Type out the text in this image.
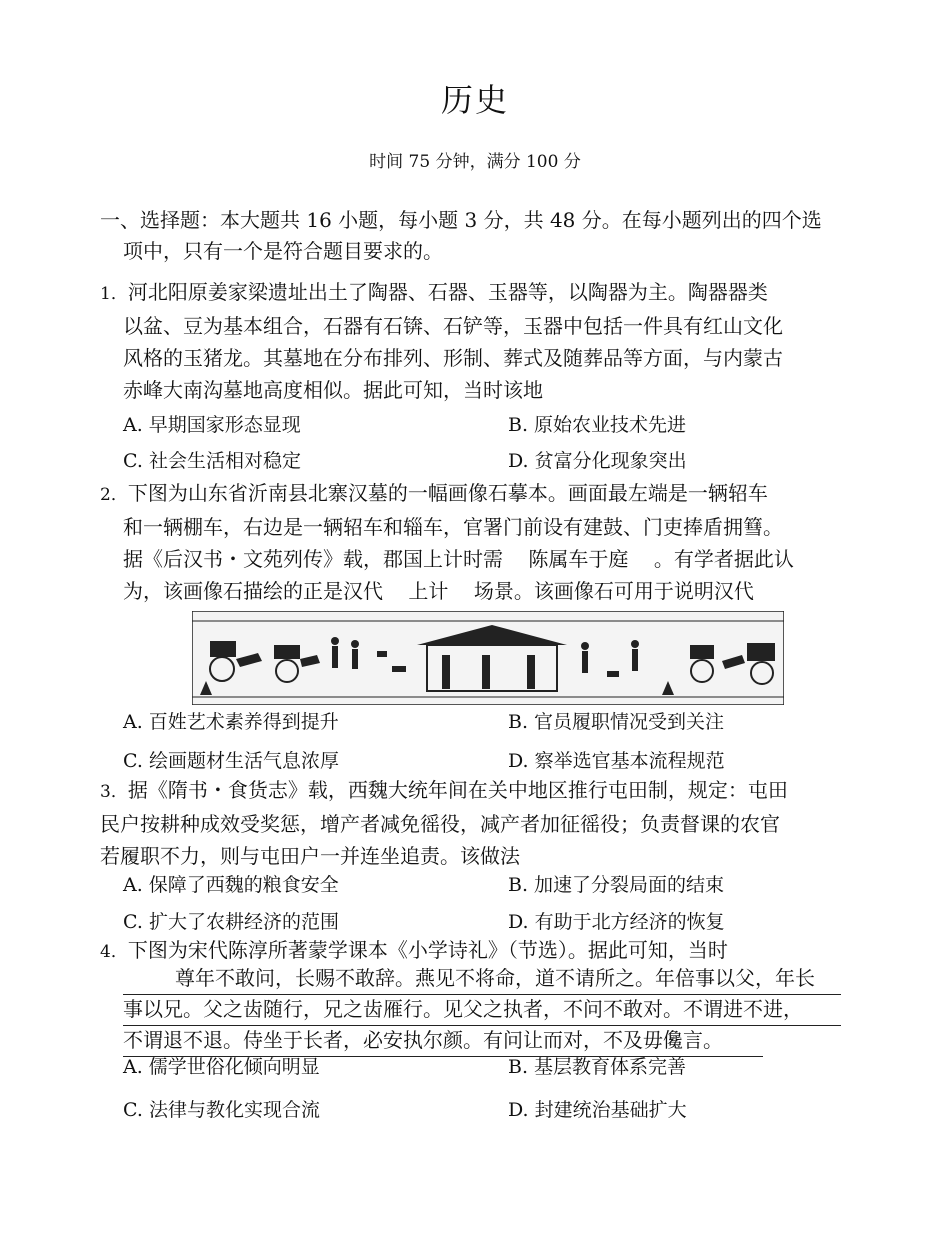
历史
时间 75 分钟，满分 100 分
一、选择题：本大题共 16 小题，每小题 3 分，共 48 分。在每小题列出的四个选
项中，只有一个是符合题目要求的。
1．河北阳原姜家梁遗址出土了陶器、石器、玉器等，以陶器为主。陶器器类
以盆、豆为基本组合，石器有石锛、石铲等，玉器中包括一件具有红山文化
风格的玉猪龙。其墓地在分布排列、形制、葬式及随葬品等方面，与内蒙古
赤峰大南沟墓地高度相似。据此可知，当时该地
A. 早期国家形态显现	B. 原始农业技术先进
C. 社会生活相对稳定	D. 贫富分化现象突出
2．下图为山东省沂南县北寨汉墓的一幅画像石摹本。画面最左端是一辆轺车
和一辆棚车，右边是一辆轺车和辎车，官署门前设有建鼓、门吏捧盾拥篲。
据《后汉书・文苑列传》载，郡国上计时需    陈属车于庭    。有学者据此认
为，该画像石描绘的正是汉代    上计    场景。该画像石可用于说明汉代
A. 百姓艺术素养得到提升	B. 官员履职情况受到关注
C. 绘画题材生活气息浓厚	D. 察举选官基本流程规范
3．据《隋书・食货志》载，西魏大统年间在关中地区推行屯田制，规定：屯田
民户按耕种成效受奖惩，增产者减免徭役，减产者加征徭役；负责督课的农官
若履职不力，则与屯田户一并连坐追责。该做法
A. 保障了西魏的粮食安全	B. 加速了分裂局面的结束
C. 扩大了农耕经济的范围	D. 有助于北方经济的恢复
4．下图为宋代陈淳所著蒙学课本《小学诗礼》（节选）。据此可知，当时
尊年不敢问，长赐不敢辞。燕见不将命，道不请所之。年倍事以父，年长
事以兄。父之齿随行，兄之齿雁行。见父之执者，不问不敢对。不谓进不进，
不谓退不退。侍坐于长者，必安执尔颜。有问让而对，不及毋儳言。
A. 儒学世俗化倾向明显	B. 基层教育体系完善
C. 法律与教化实现合流	D. 封建统治基础扩大
